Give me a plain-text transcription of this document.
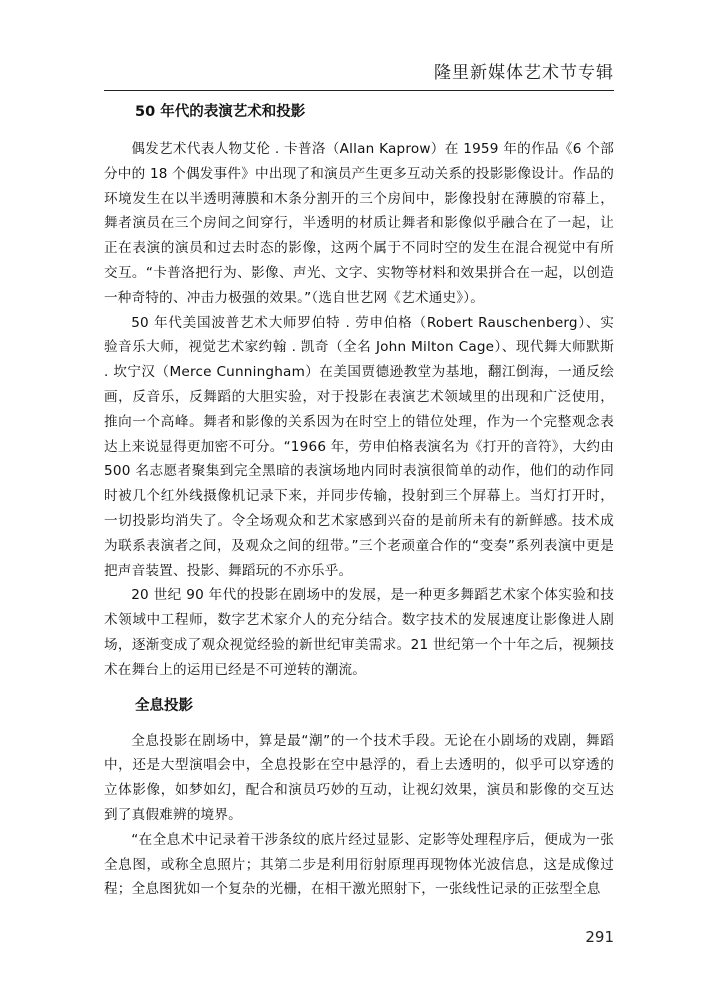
隆里新媒体艺术节专辑
50 年代的表演艺术和投影

偶发艺术代表人物艾伦 . 卡普洛（Allan Kaprow）在 1959 年的作品《6 个部分中的 18 个偶发事件》中出现了和演员产生更多互动关系的投影影像设计。作品的环境发生在以半透明薄膜和木条分割开的三个房间中，影像投射在薄膜的帘幕上，舞者演员在三个房间之间穿行，半透明的材质让舞者和影像似乎融合在了一起，让正在表演的演员和过去时态的影像，这两个属于不同时空的发生在混合视觉中有所交互。“卡普洛把行为、影像、声光、文字、实物等材料和效果拼合在一起，以创造一种奇特的、冲击力极强的效果。”（选自世艺网《艺术通史》）。

50 年代美国波普艺术大师罗伯特 . 劳申伯格（Robert Rauschenberg）、实验音乐大师，视觉艺术家约翰 . 凯奇（全名 John Milton Cage）、现代舞大师默斯 . 坎宁汉（Merce Cunningham）在美国贾德逊教堂为基地，翻江倒海，一通反绘画，反音乐，反舞蹈的大胆实验，对于投影在表演艺术领域里的出现和广泛使用，推向一个高峰。舞者和影像的关系因为在时空上的错位处理，作为一个完整观念表达上来说显得更加密不可分。“1966 年，劳申伯格表演名为《打开的音符》，大约由 500 名志愿者聚集到完全黑暗的表演场地内同时表演很简单的动作，他们的动作同时被几个红外线摄像机记录下来，并同步传输，投射到三个屏幕上。当灯打开时，一切投影均消失了。令全场观众和艺术家感到兴奋的是前所未有的新鲜感。技术成为联系表演者之间，及观众之间的纽带。”三个老顽童合作的“变奏”系列表演中更是把声音装置、投影、舞蹈玩的不亦乐乎。

20 世纪 90 年代的投影在剧场中的发展，是一种更多舞蹈艺术家个体实验和技术领域中工程师，数字艺术家介人的充分结合。数字技术的发展速度让影像进人剧场，逐渐变成了观众视觉经验的新世纪审美需求。21 世纪第一个十年之后，视频技术在舞台上的运用已经是不可逆转的潮流。

全息投影

全息投影在剧场中，算是最“潮”的一个技术手段。无论在小剧场的戏剧，舞蹈中，还是大型演唱会中，全息投影在空中悬浮的，看上去透明的，似乎可以穿透的立体影像，如梦如幻，配合和演员巧妙的互动，让视幻效果，演员和影像的交互达到了真假难辨的境界。

“在全息术中记录着干涉条纹的底片经过显影、定影等处理程序后，便成为一张全息图，或称全息照片；其第二步是利用衍射原理再现物体光波信息，这是成像过程；全息图犹如一个复杂的光栅，在相干激光照射下，一张线性记录的正弦型全息

291
